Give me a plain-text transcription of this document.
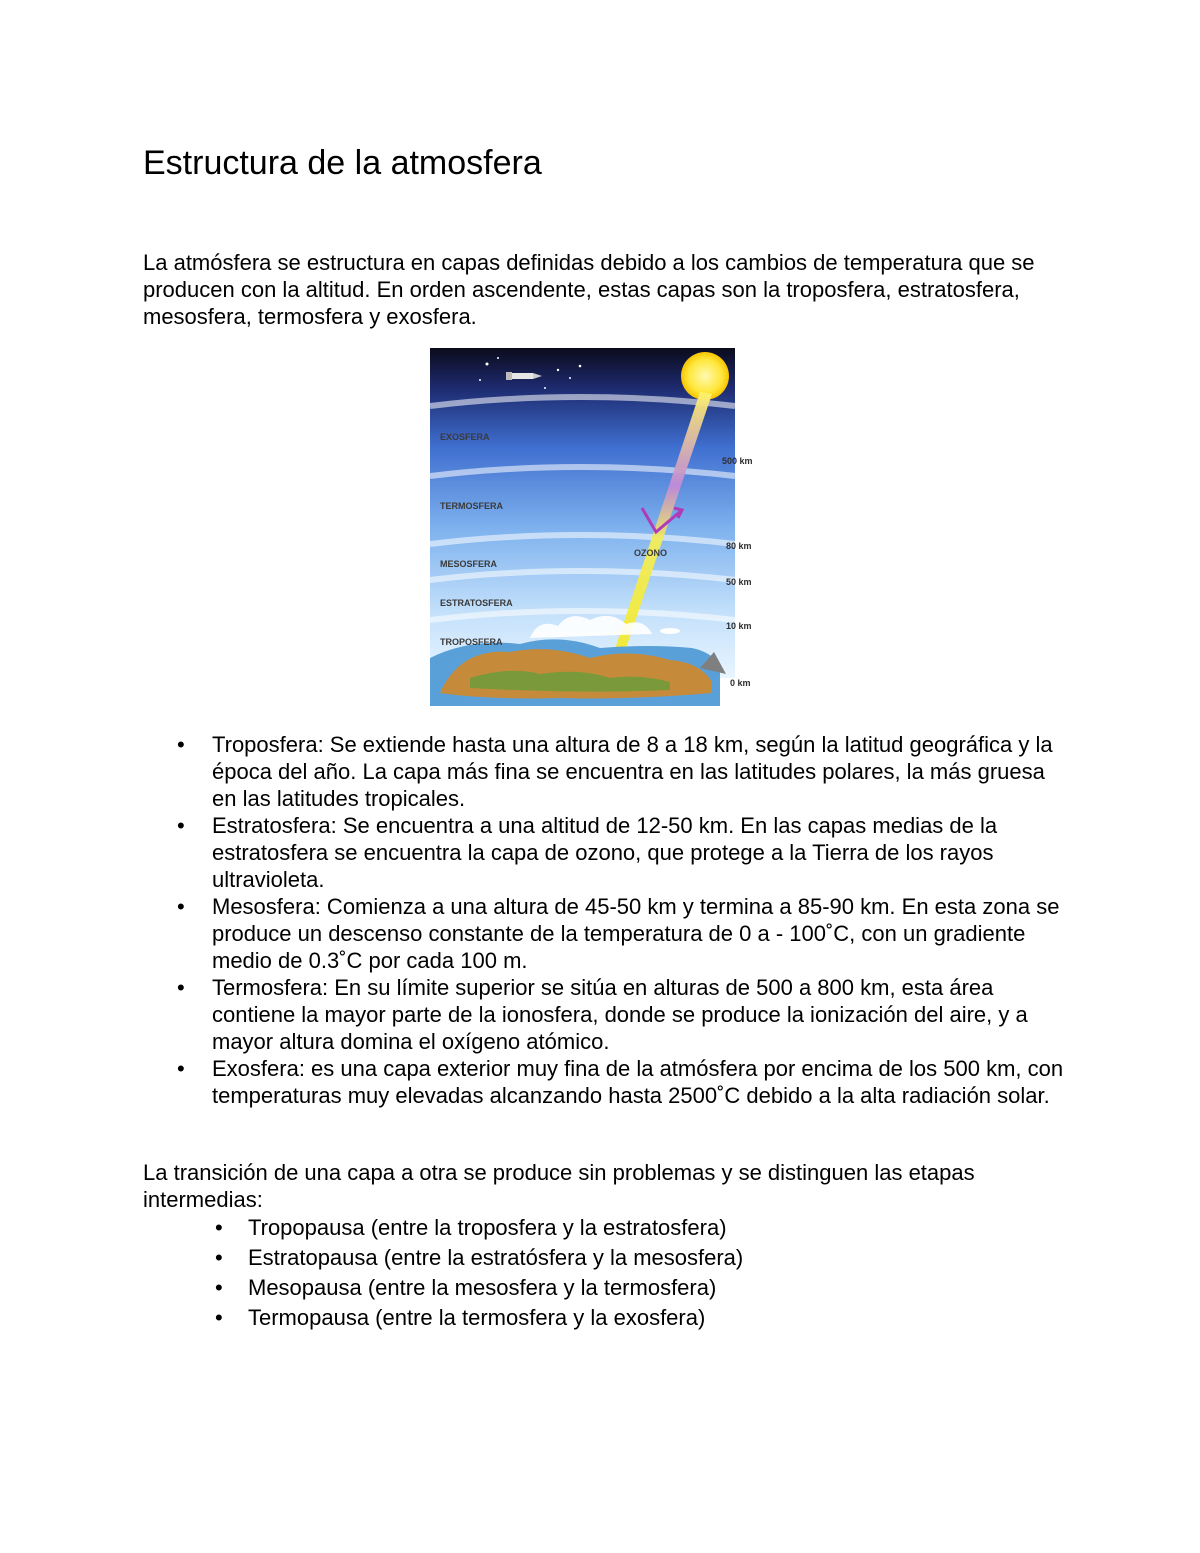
Estructura de la atmosfera

La atmósfera se estructura en capas definidas debido a los cambios de temperatura que se producen con la altitud. En orden ascendente, estas capas son la troposfera, estratosfera, mesosfera, termosfera y exosfera.

EXOSFERA
TERMOSFERA
MESOSFERA
ESTRATOSFERA
TROPOSFERA
OZONO
500 km
80 km
50 km
10 km
0 km
• Troposfera: Se extiende hasta una altura de 8 a 18 km, según la latitud geográfica y la época del año. La capa más fina se encuentra en las latitudes polares, la más gruesa en las latitudes tropicales.
• Estratosfera: Se encuentra a una altitud de 12-50 km. En las capas medias de la estratosfera se encuentra la capa de ozono, que protege a la Tierra de los rayos ultravioleta.
• Mesosfera: Comienza a una altura de 45-50 km y termina a 85-90 km. En esta zona se produce un descenso constante de la temperatura de 0 a - 100˚C, con un gradiente medio de 0.3˚C por cada 100 m.
• Termosfera: En su límite superior se sitúa en alturas de 500 a 800 km, esta área contiene la mayor parte de la ionosfera, donde se produce la ionización del aire, y a mayor altura domina el oxígeno atómico.
• Exosfera: es una capa exterior muy fina de la atmósfera por encima de los 500 km, con temperaturas muy elevadas alcanzando hasta 2500˚C debido a la alta radiación solar.

La transición de una capa a otra se produce sin problemas y se distinguen las etapas intermedias:

• Tropopausa (entre la troposfera y la estratosfera)
• Estratopausa (entre la estratósfera y la mesosfera)
• Mesopausa (entre la mesosfera y la termosfera)
• Termopausa (entre la termosfera y la exosfera)
